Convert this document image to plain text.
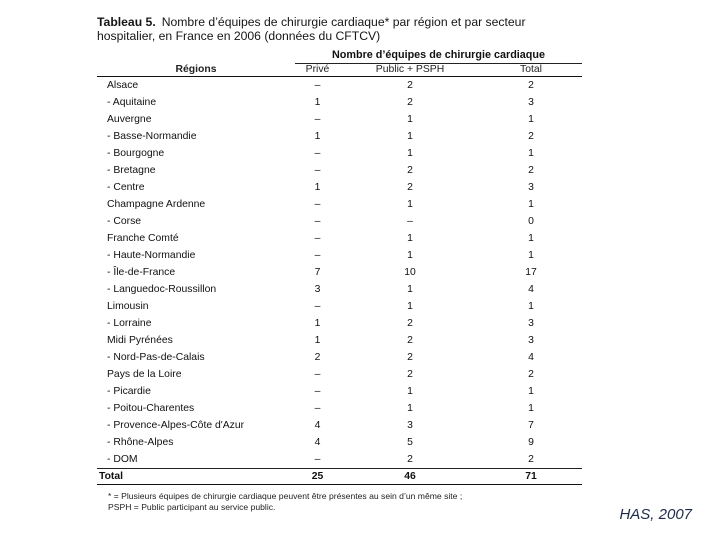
Tableau 5. Nombre d’équipes de chirurgie cardiaque* par région et par secteur hospitalier, en France en 2006 (données du CFTCV)
	Nombre d’équipes de chirurgie cardiaque		
Régions	Privé	Public + PSPH	Total
Alsace	–	2	2
- Aquitaine	1	2	3
Auvergne	–	1	1
- Basse-Normandie	1	1	2
- Bourgogne	–	1	1
- Bretagne	–	2	2
- Centre	1	2	3
Champagne Ardenne	–	1	1
- Corse	–	–	0
Franche Comté	–	1	1
- Haute-Normandie	–	1	1
- Île-de-France	7	10	17
- Languedoc-Roussillon	3	1	4
Limousin	–	1	1
- Lorraine	1	2	3
Midi Pyrénées	1	2	3
- Nord-Pas-de-Calais	2	2	4
Pays de la Loire	–	2	2
- Picardie	–	1	1
- Poitou-Charentes	–	1	1
- Provence-Alpes-Côte d'Azur	4	3	7
- Rhône-Alpes	4	5	9
- DOM	–	2	2
Total	25	46	71
* = Plusieurs équipes de chirurgie cardiaque peuvent être présentes au sein d’un même site ;
PSPH = Public participant au service public.	HAS, 2007
